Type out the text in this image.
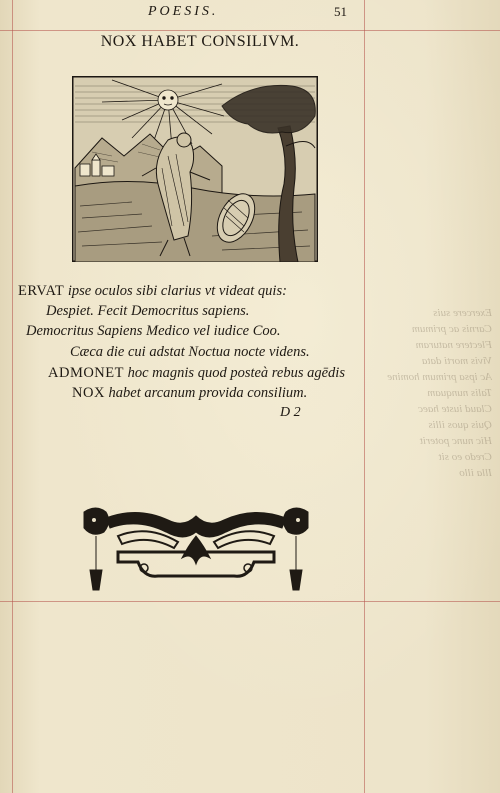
Exercere suis
Carnis ac primum
Flectere naturam
Vivis morti data
Ac ipsa primum homine
Talis nunquam
Claud iuste haec
Quis quos illis
Hic nunc poterit
Credo eo sit
Illa illo
POESIS.	51
NOX HABET CONSILIVM.
ERVAT ipse oculos sibi clarius vt videat quis:
Despiet. Fecit Democritus sapiens.
Democritus Sapiens Medico vel iudice Coo.
Cæca die cui adstat Noctua nocte videns.
ADMONET hoc magnis quod posteà rebus agēdis
NOX habet arcanum provida consilium.
D 2
